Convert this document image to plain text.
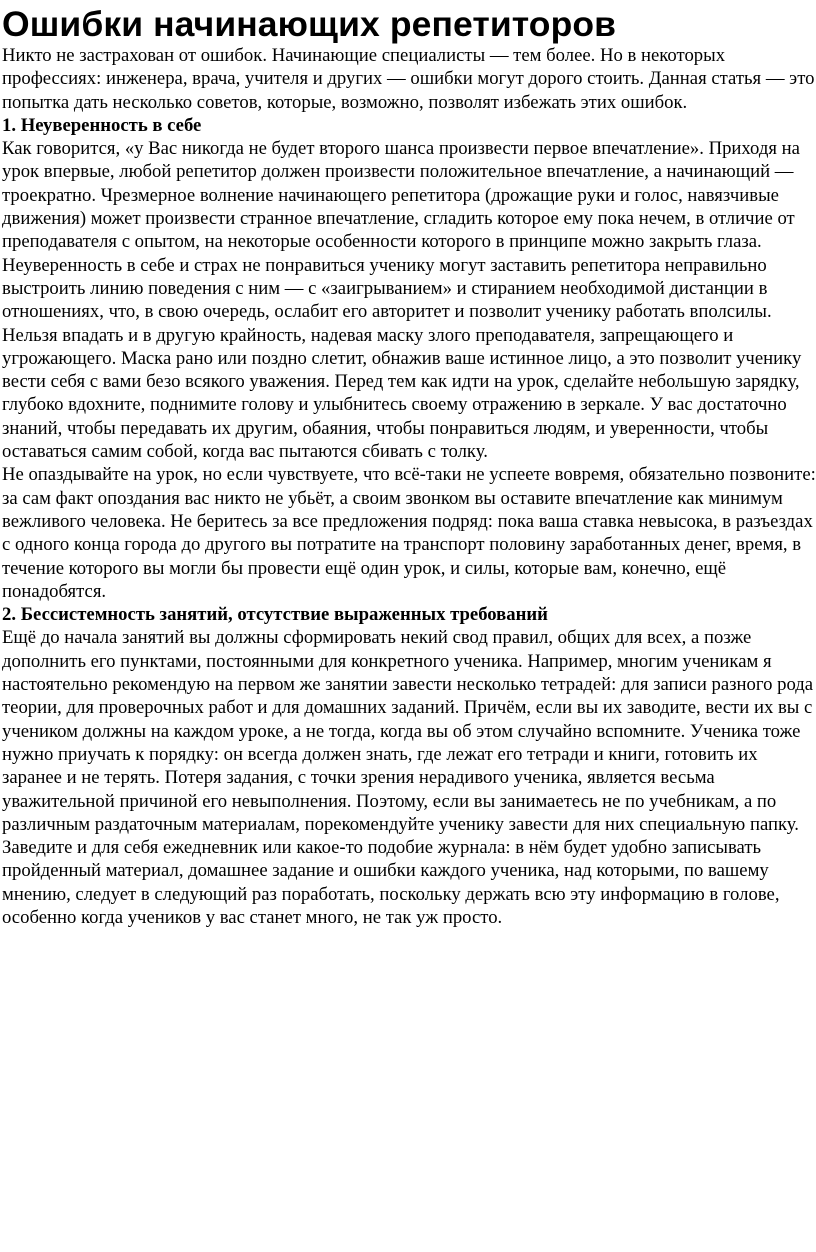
Ошибки начинающих репетиторов

Никто не застрахован от ошибок. Начинающие специалисты — тем более. Но в некоторых профессиях: инженера, врача, учителя и других — ошибки могут дорого стоить. Данная статья — это попытка дать несколько советов, которые, возможно, позволят избежать этих ошибок.

1. Неуверенность в себе

Как говорится, «у Вас никогда не будет второго шанса произвести первое впечатление». Приходя на урок впервые, любой репетитор должен произвести положительное впечатление, а начинающий — троекратно. Чрезмерное волнение начинающего репетитора (дрожащие руки и голос, навязчивые движения) может произвести странное впечатление, сгладить которое ему пока нечем, в отличие от преподавателя с опытом, на некоторые особенности которого в принципе можно закрыть глаза.

Неуверенность в себе и страх не понравиться ученику могут заставить репетитора неправильно выстроить линию поведения с ним — с «заигрыванием» и стиранием необходимой дистанции в отношениях, что, в свою очередь, ослабит его авторитет и позволит ученику работать вполсилы. Нельзя впадать и в другую крайность, надевая маску злого преподавателя, запрещающего и угрожающего. Маска рано или поздно слетит, обнажив ваше истинное лицо, а это позволит ученику вести себя с вами безо всякого уважения. Перед тем как идти на урок, сделайте небольшую зарядку, глубоко вдохните, поднимите голову и улыбнитесь своему отражению в зеркале. У вас достаточно знаний, чтобы передавать их другим, обаяния, чтобы понравиться людям, и уверенности, чтобы оставаться самим собой, когда вас пытаются сбивать с толку.

Не опаздывайте на урок, но если чувствуете, что всё-таки не успеете вовремя, обязательно позвоните: за сам факт опоздания вас никто не убьёт, а своим звонком вы оставите впечатление как минимум вежливого человека. Не беритесь за все предложения подряд: пока ваша ставка невысока, в разъездах с одного конца города до другого вы потратите на транспорт половину заработанных денег, время, в течение которого вы могли бы провести ещё один урок, и силы, которые вам, конечно, ещё понадобятся.

2. Бессистемность занятий, отсутствие выраженных требований

Ещё до начала занятий вы должны сформировать некий свод правил, общих для всех, а позже дополнить его пунктами, постоянными для конкретного ученика. Например, многим ученикам я настоятельно рекомендую на первом же занятии завести несколько тетрадей: для записи разного рода теории, для проверочных работ и для домашних заданий. Причём, если вы их заводите, вести их вы с учеником должны на каждом уроке, а не тогда, когда вы об этом случайно вспомните. Ученика тоже нужно приучать к порядку: он всегда должен знать, где лежат его тетради и книги, готовить их заранее и не терять. Потеря задания, с точки зрения нерадивого ученика, является весьма уважительной причиной его невыполнения. Поэтому, если вы занимаетесь не по учебникам, а по различным раздаточным материалам, порекомендуйте ученику завести для них специальную папку. Заведите и для себя ежедневник или какое-то подобие журнала: в нём будет удобно записывать пройденный материал, домашнее задание и ошибки каждого ученика, над которыми, по вашему мнению, следует в следующий раз поработать, поскольку держать всю эту информацию в голове, особенно когда учеников у вас станет много, не так уж просто.
